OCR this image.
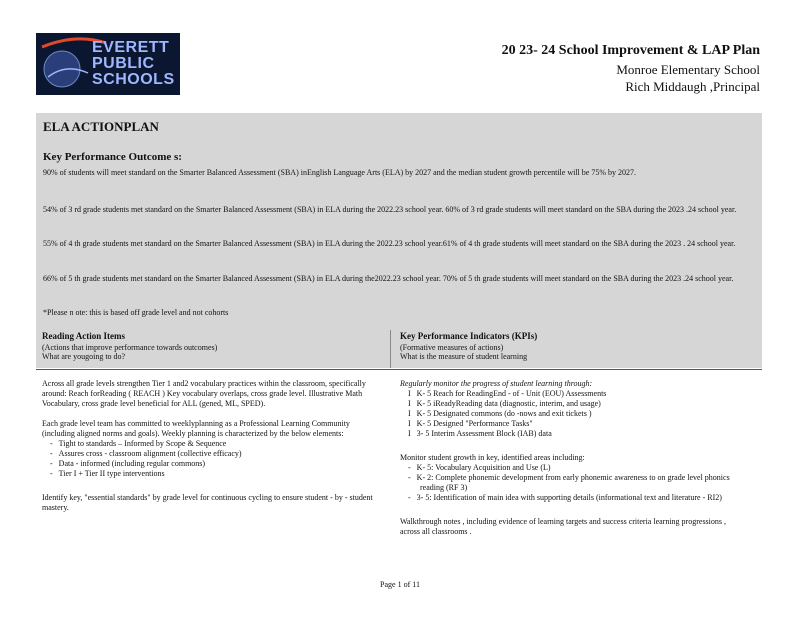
EVERETT
PUBLIC
SCHOOLS
20 23- 24 School Improvement & LAP Plan
Monroe Elementary School
Rich Middaugh ,Principal
ELA ACTIONPLAN
Key Performance Outcome s:
90% of students will meet standard on the Smarter Balanced Assessment (SBA) inEnglish Language Arts (ELA) by 2027 and the median student growth percentile will be 75% by 2027.
54% of 3 rd grade students met standard on the Smarter Balanced Assessment (SBA) in ELA during the 2022.23 school year. 60% of 3 rd grade students will meet standard on the SBA during the 2023 .24 school year.
55% of 4 th grade students met standard on the Smarter Balanced Assessment (SBA) in ELA during the 2022.23 school year.61% of 4 th grade students will meet standard on the SBA during the 2023 . 24 school year.
66% of 5 th grade students met standard on the Smarter Balanced Assessment (SBA) in ELA during the2022.23 school year. 70% of 5 th grade students will meet standard on the SBA during the 2023 .24 school year.
*Please n ote: this is based off grade level and not cohorts
Reading Action Items
(Actions that improve performance towards outcomes)
What are yougoing to do?
Key Performance Indicators (KPIs)
(Formative measures of actions)
What is the measure of student learning

Across all grade levels strengthen Tier 1 and2 vocabulary practices within the classroom, specifically around: Reach forReading ( REACH ) Key vocabulary overlaps, cross grade level. Illustrative Math Vocabulary, cross grade level beneficial for ALL (gened, ML, SPED).

Each grade level team has committed to weeklyplanning as a Professional Learning Community (including aligned norms and goals). Weekly planning is characterized by the below elements:

- Tight to standards – Informed by Scope & Sequence
- Assures cross - classroom alignment (collective efficacy)
- Data - informed (including regular commons)
- Tier I + Tier II type interventions

Identify key, "essential standards" by grade level for continuous cycling to ensure student - by - student mastery.

Regularly monitor the progress of student learning through:

I K- 5 Reach for ReadingEnd - of - Unit (EOU) Assessments
I K- 5 iReadyReading data (diagnostic, interim, and usage)
I K- 5 Designated commons (do -nows and exit tickets )
I K- 5 Designed "Performance Tasks"
I 3- 5 Interim Assessment Block (IAB) data

Monitor student growth in key, identified areas including:

- K- 5: Vocabulary Acquisition and Use (L)
- K- 2: Complete phonemic development from early phonemic awareness to on grade level phonics reading (RF 3)
- 3- 5: Identification of main idea with supporting details (informational text and literature - RI2)

Walkthrough notes , including evidence of learning targets and success criteria learning progressions , across all classrooms .

Page 1 of 11
